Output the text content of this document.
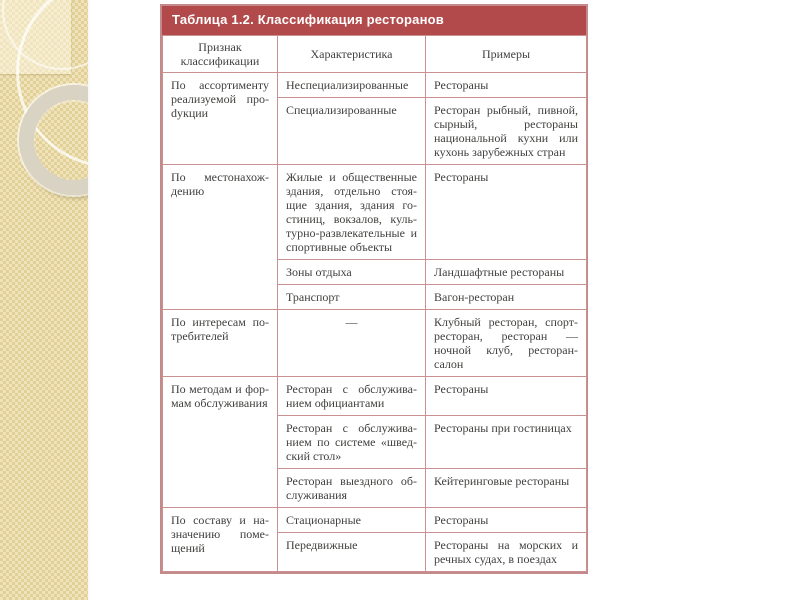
Таблица 1.2. Классификация ресторанов
Признак классификации	Характеристика	Примеры
По ассортименту реализуемой проdукции	Неспециализированные	Рестораны
	Специализированные	Ресторан рыбный, пивной, сырный, рестораны национальной кухни или кухонь зарубежных стран
По местонахождению	Жилые и общественные здания, отдельно стоящие здания, здания гостиниц, вокзалов, культурно-развлекательные и спортивные объекты	Рестораны
	Зоны отдыха	Ландшафтные рестораны
	Транспорт	Вагон-ресторан
По интересам потребителей	—	Клубный ресторан, спорт-ресторан, ресторан — ночной клуб, ресторан-салон
По методам и формам обслуживания	Ресторан с обслуживанием официантами	Рестораны
	Ресторан с обслуживанием по системе «шведский стол»	Рестораны при гостиницах
	Ресторан выездного обслуживания	Кейтеринговые рестораны
По составу и назначению помещений	Стационарные	Рестораны
	Передвижные	Рестораны на морских и речных судах, в поездах
